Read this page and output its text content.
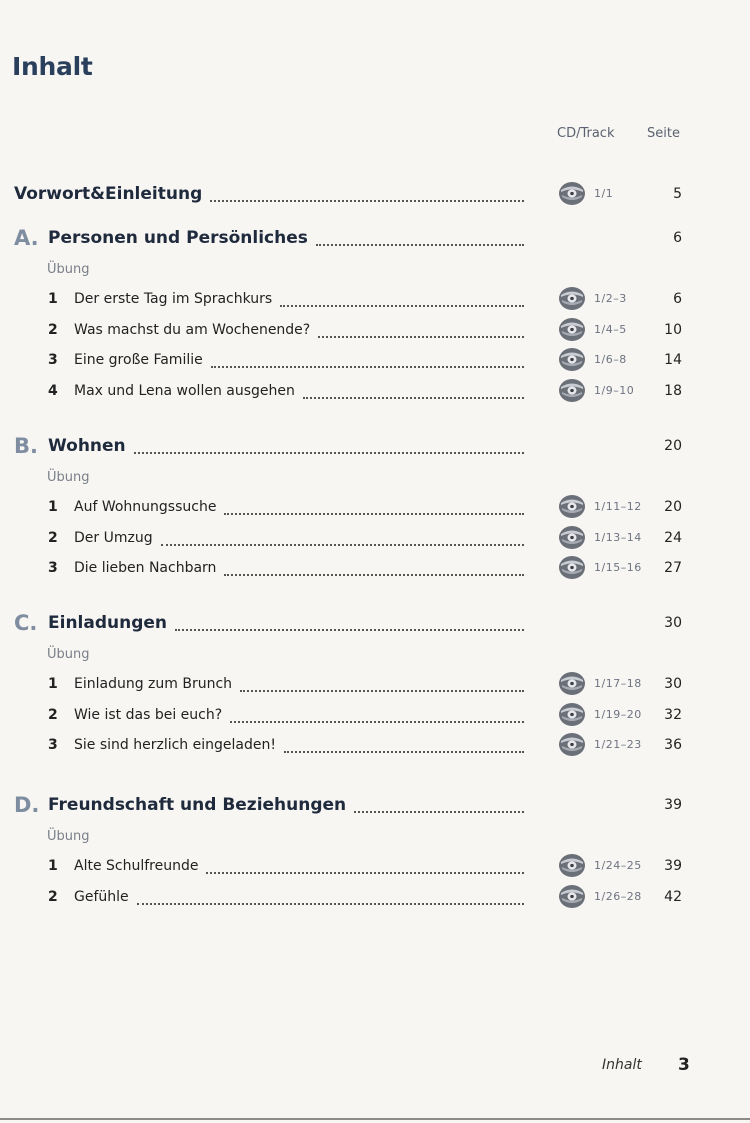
Inhalt
CD/Track	Seite
Vorwort&Einleitung	1/1	5
A. Personen und Persönliches	6
Übung
1	Der erste Tag im Sprachkurs	1/2–3	6
2	Was machst du am Wochenende?	1/4–5	10
3	Eine große Familie	1/6–8	14
4	Max und Lena wollen ausgehen	1/9–10	18
B. Wohnen	20
Übung
1	Auf Wohnungssuche	1/11–12	20
2	Der Umzug	1/13–14	24
3	Die lieben Nachbarn	1/15–16	27
C. Einladungen	30
Übung
1	Einladung zum Brunch	1/17–18	30
2	Wie ist das bei euch?	1/19–20	32
3	Sie sind herzlich eingeladen!	1/21–23	36
D. Freundschaft und Beziehungen	39
Übung
1	Alte Schulfreunde	1/24–25	39
2	Gefühle	1/26–28	42
Inhalt 3
